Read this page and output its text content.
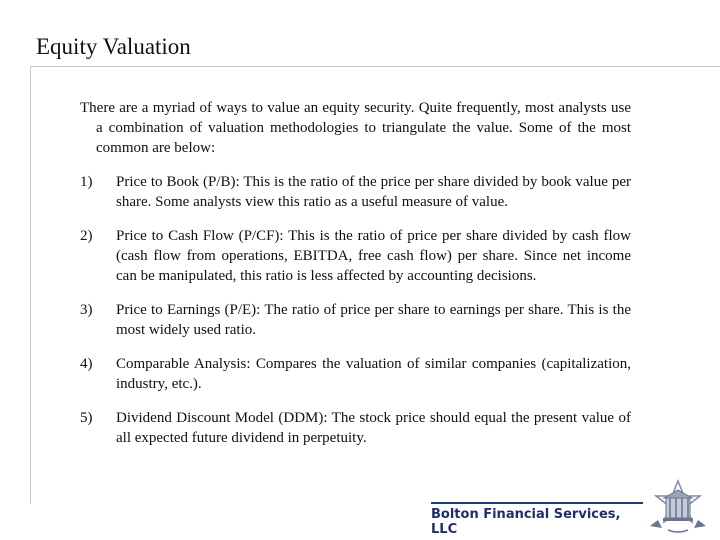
Equity Valuation

There are a myriad of ways to value an equity security. Quite frequently, most analysts use a combination of valuation methodologies to triangulate the value. Some of the most common are below:

1)	Price to Book (P/B): This is the ratio of the price per share divided by book value per share. Some analysts view this ratio as a useful measure of value.
2)	Price to Cash Flow (P/CF): This is the ratio of price per share divided by cash flow (cash flow from operations, EBITDA, free cash flow) per share. Since net income can be manipulated, this ratio is less affected by accounting decisions.
3)	Price to Earnings (P/E): The ratio of price per share to earnings per share. This is the most widely used ratio.
4)	Comparable Analysis: Compares the valuation of similar companies (capitalization, industry, etc.).
5)	Dividend Discount Model (DDM): The stock price should equal the present value of all expected future dividend in perpetuity.
Bolton Financial Services, LLC
